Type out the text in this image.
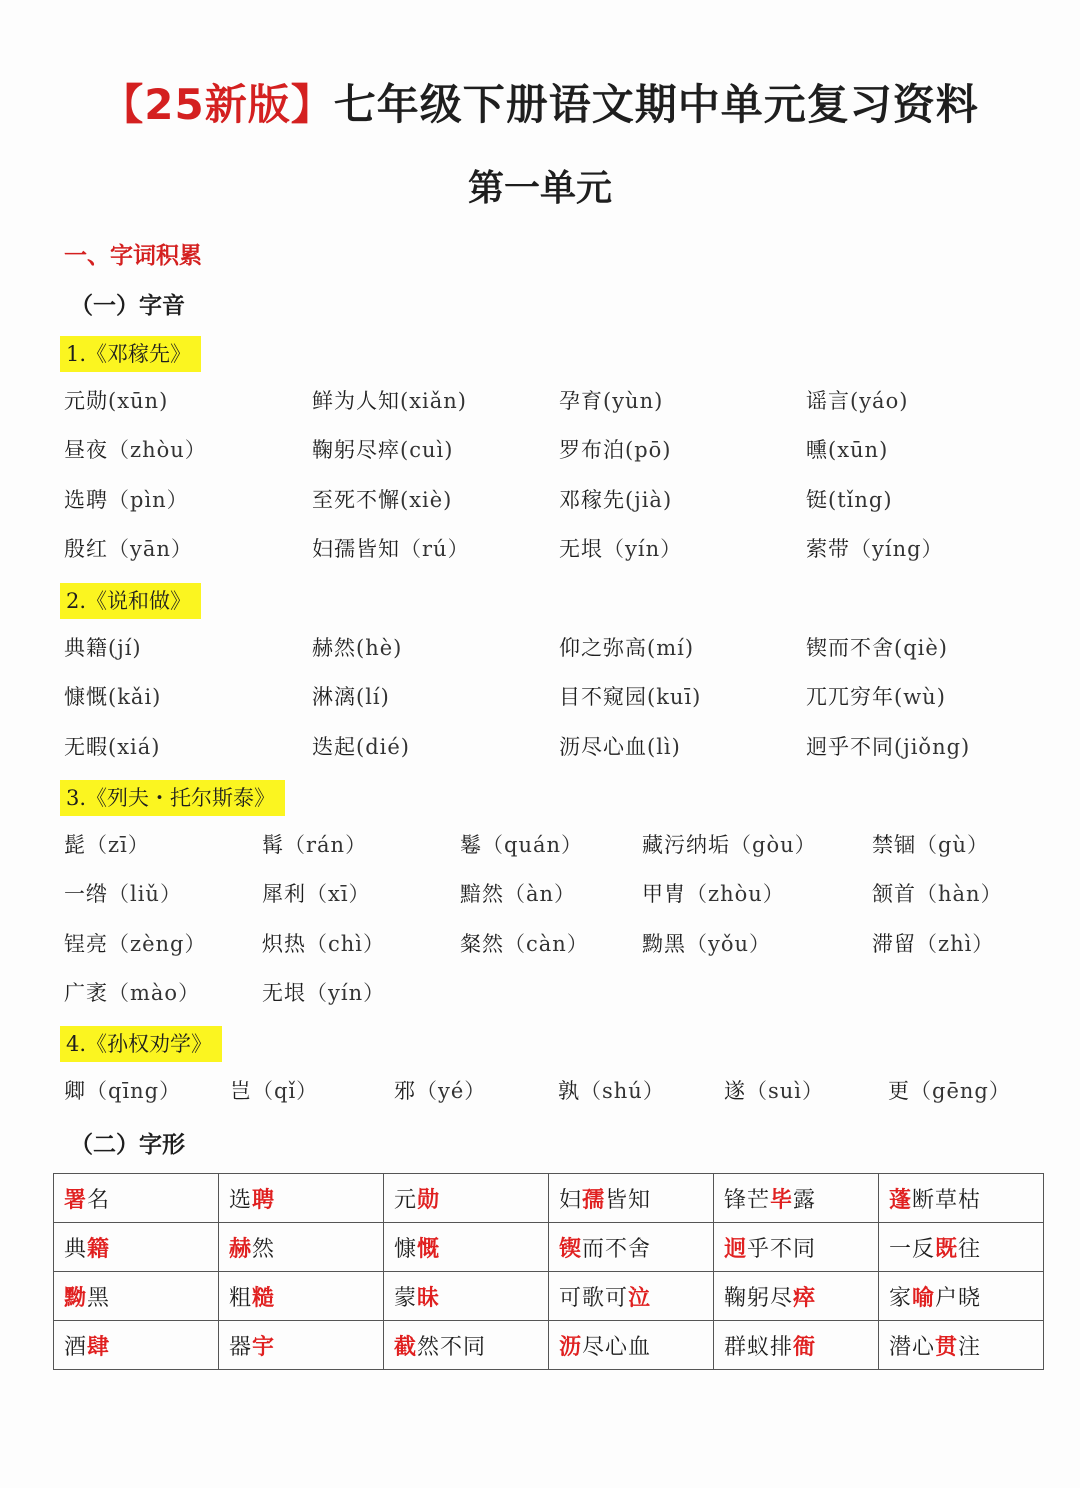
【25新版】七年级下册语文期中单元复习资料
第一单元
一、字词积累
（一）字音
1.《邓稼先》
元勋(xūn)	鲜为人知(xiǎn)	孕育(yùn)	谣言(yáo)
昼夜（zhòu）	鞠躬尽瘁(cuì)	罗布泊(pō)	曛(xūn)
选聘（pìn）	至死不懈(xiè)	邓稼先(jià)	铤(tǐng)
殷红（yān）	妇孺皆知（rú）	无垠（yín）	萦带（yíng）
2.《说和做》
典籍(jí)	赫然(hè)	仰之弥高(mí)	锲而不舍(qiè)
慷慨(kǎi)	淋漓(lí)	目不窥园(kuī)	兀兀穷年(wù)
无暇(xiá)	迭起(dié)	沥尽心血(lì)	迥乎不同(jiǒng)
3.《列夫・托尔斯泰》
髭（zī）	髯（rán）	鬈（quán）	藏污纳垢（gòu）	禁锢（gù）
一绺（liǔ）	犀利（xī）	黯然（àn）	甲胄（zhòu）	颔首（hàn）
锃亮（zèng）	炽热（chì）	粲然（càn）	黝黑（yǒu）	滞留（zhì）
广袤（mào）	无垠（yín）
4.《孙权劝学》
卿（qīng） 岂（qǐ）	邪（yé）	孰（shú）	遂（suì）	更（gēng）
（二）字形
署名	选聘	元勋	妇孺皆知	锋芒毕露	蓬断草枯
典籍	赫然	慷慨	锲而不舍	迥乎不同	一反既往
黝黑	粗糙	蒙昧	可歌可泣	鞠躬尽瘁	家喻户晓
酒肆	器宇	截然不同	沥尽心血	群蚁排衙	潜心贯注
